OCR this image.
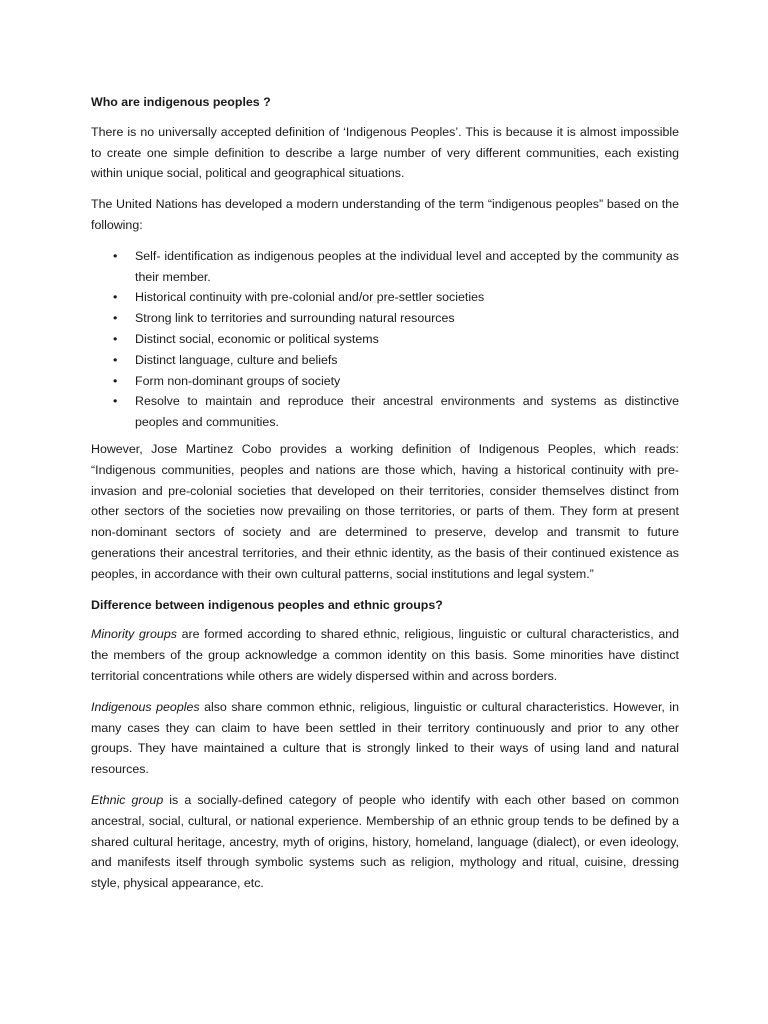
Who are indigenous peoples ?

There is no universally accepted definition of ‘Indigenous Peoples’. This is because it is almost impossible to create one simple definition to describe a large number of very different communities, each existing within unique social, political and geographical situations.

The United Nations has developed a modern understanding of the term “indigenous peoples” based on the following:

• Self- identification as indigenous peoples at the individual level and accepted by the community as their member.
• Historical continuity with pre-colonial and/or pre-settler societies
• Strong link to territories and surrounding natural resources
• Distinct social, economic or political systems
• Distinct language, culture and beliefs
• Form non-dominant groups of society
• Resolve to maintain and reproduce their ancestral environments and systems as distinctive peoples and communities.

However, Jose Martinez Cobo provides a working definition of Indigenous Peoples, which reads: “Indigenous communities, peoples and nations are those which, having a historical continuity with pre-invasion and pre-colonial societies that developed on their territories, consider themselves distinct from other sectors of the societies now prevailing on those territories, or parts of them. They form at present non-dominant sectors of society and are determined to preserve, develop and transmit to future generations their ancestral territories, and their ethnic identity, as the basis of their continued existence as peoples, in accordance with their own cultural patterns, social institutions and legal system.”

Difference between indigenous peoples and ethnic groups?

Minority groups are formed according to shared ethnic, religious, linguistic or cultural characteristics, and the members of the group acknowledge a common identity on this basis. Some minorities have distinct territorial concentrations while others are widely dispersed within and across borders.

Indigenous peoples also share common ethnic, religious, linguistic or cultural characteristics. However, in many cases they can claim to have been settled in their territory continuously and prior to any other groups. They have maintained a culture that is strongly linked to their ways of using land and natural resources.

Ethnic group is a socially-defined category of people who identify with each other based on common ancestral, social, cultural, or national experience. Membership of an ethnic group tends to be defined by a shared cultural heritage, ancestry, myth of origins, history, homeland, language (dialect), or even ideology, and manifests itself through symbolic systems such as religion, mythology and ritual, cuisine, dressing style, physical appearance, etc.
